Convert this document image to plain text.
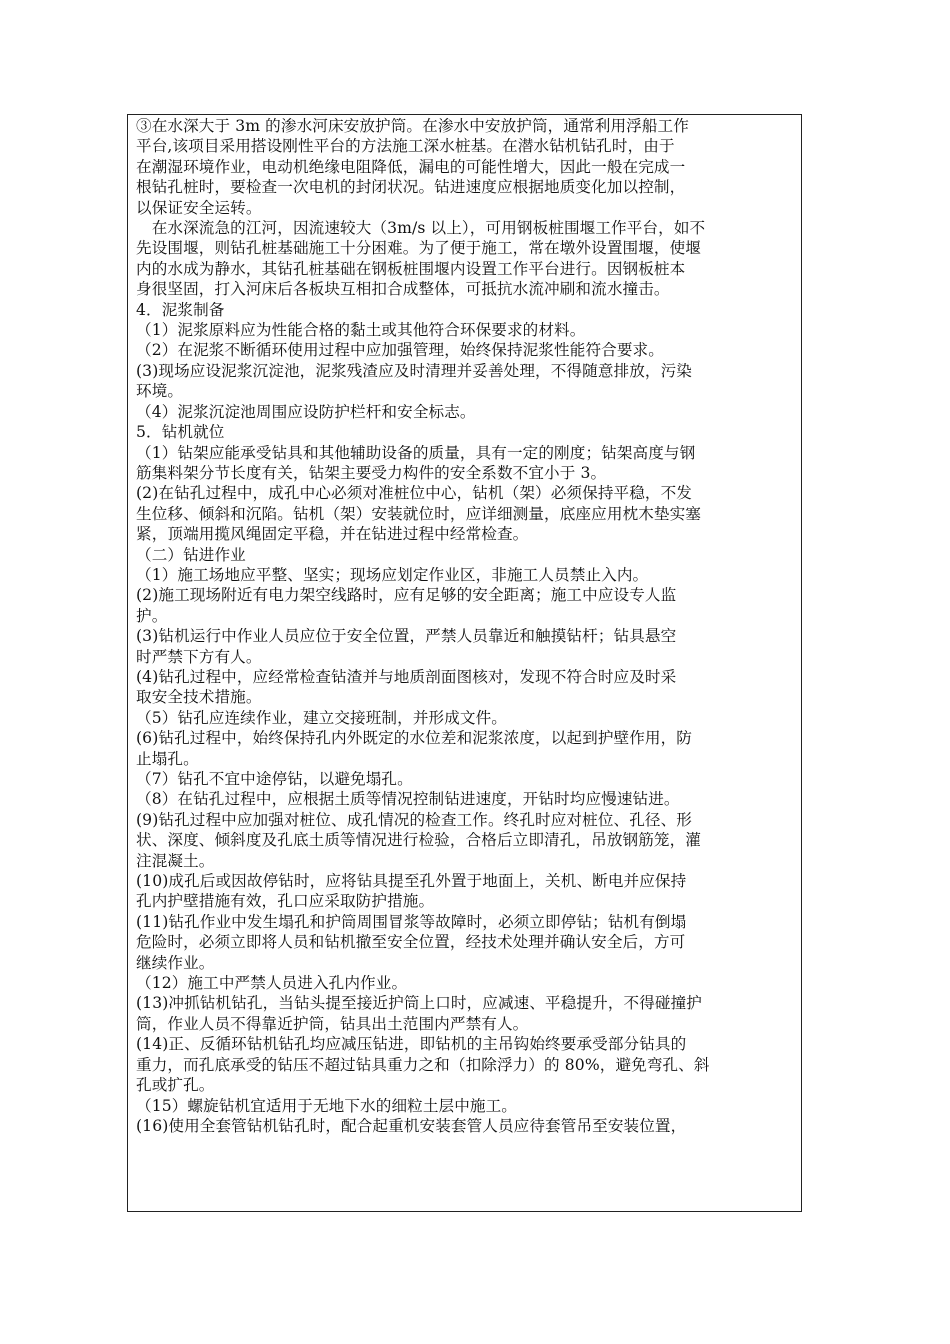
③在水深大于 3m 的渗水河床安放护筒。在渗水中安放护筒，通常利用浮船工作
平台,该项目采用搭设刚性平台的方法施工深水桩基。在潜水钻机钻孔时，由于
在潮湿环境作业，电动机绝缘电阻降低，漏电的可能性增大，因此一般在完成一
根钻孔桩时，要检查一次电机的封闭状况。钻进速度应根据地质变化加以控制，
以保证安全运转。
　在水深流急的江河，因流速较大（3m/s 以上），可用钢板桩围堰工作平台，如不
先设围堰，则钻孔桩基础施工十分困难。为了便于施工，常在墩外设置围堰，使堰
内的水成为静水，其钻孔桩基础在钢板桩围堰内设置工作平台进行。因钢板桩本
身很坚固，打入河床后各板块互相扣合成整体，可抵抗水流冲刷和流水撞击。
4．泥浆制备
（1）泥浆原料应为性能合格的黏土或其他符合环保要求的材料。
（2）在泥浆不断循环使用过程中应加强管理，始终保持泥浆性能符合要求。
(3)现场应设泥浆沉淀池，泥浆残渣应及时清理并妥善处理，不得随意排放，污染
环境。
（4）泥浆沉淀池周围应设防护栏杆和安全标志。
5．钻机就位
（1）钻架应能承受钻具和其他辅助设备的质量，具有一定的刚度；钻架高度与钢
筋集料架分节长度有关，钻架主要受力构件的安全系数不宜小于 3。
(2)在钻孔过程中，成孔中心必须对准桩位中心，钻机（架）必须保持平稳，不发
生位移、倾斜和沉陷。钻机（架）安装就位时，应详细测量，底座应用枕木垫实塞
紧，顶端用揽风绳固定平稳，并在钻进过程中经常检查。
（二）钻进作业
（1）施工场地应平整、坚实；现场应划定作业区，非施工人员禁止入内。
(2)施工现场附近有电力架空线路时，应有足够的安全距离；施工中应设专人监
护。
(3)钻机运行中作业人员应位于安全位置，严禁人员靠近和触摸钻杆；钻具悬空
时严禁下方有人。
(4)钻孔过程中，应经常检查钻渣并与地质剖面图核对，发现不符合时应及时采
取安全技术措施。
（5）钻孔应连续作业，建立交接班制，并形成文件。
(6)钻孔过程中，始终保持孔内外既定的水位差和泥浆浓度，以起到护壁作用，防
止塌孔。
（7）钻孔不宜中途停钻，以避免塌孔。
（8）在钻孔过程中，应根据土质等情况控制钻进速度，开钻时均应慢速钻进。
(9)钻孔过程中应加强对桩位、成孔情况的检查工作。终孔时应对桩位、孔径、形
状、深度、倾斜度及孔底土质等情况进行检验，合格后立即清孔，吊放钢筋笼，灌
注混凝土。
(10)成孔后或因故停钻时，应将钻具提至孔外置于地面上，关机、断电并应保持
孔内护壁措施有效，孔口应采取防护措施。
(11)钻孔作业中发生塌孔和护筒周围冒浆等故障时，必须立即停钻；钻机有倒塌
危险时，必须立即将人员和钻机撤至安全位置，经技术处理并确认安全后，方可
继续作业。
（12）施工中严禁人员进入孔内作业。
(13)冲抓钻机钻孔，当钻头提至接近护筒上口时，应减速、平稳提升，不得碰撞护
筒，作业人员不得靠近护筒，钻具出土范围内严禁有人。
(14)正、反循环钻机钻孔均应减压钻进，即钻机的主吊钩始终要承受部分钻具的
重力，而孔底承受的钻压不超过钻具重力之和（扣除浮力）的 80%，避免弯孔、斜
孔或扩孔。
（15）螺旋钻机宜适用于无地下水的细粒土层中施工。
(16)使用全套管钻机钻孔时，配合起重机安装套管人员应待套管吊至安装位置，
